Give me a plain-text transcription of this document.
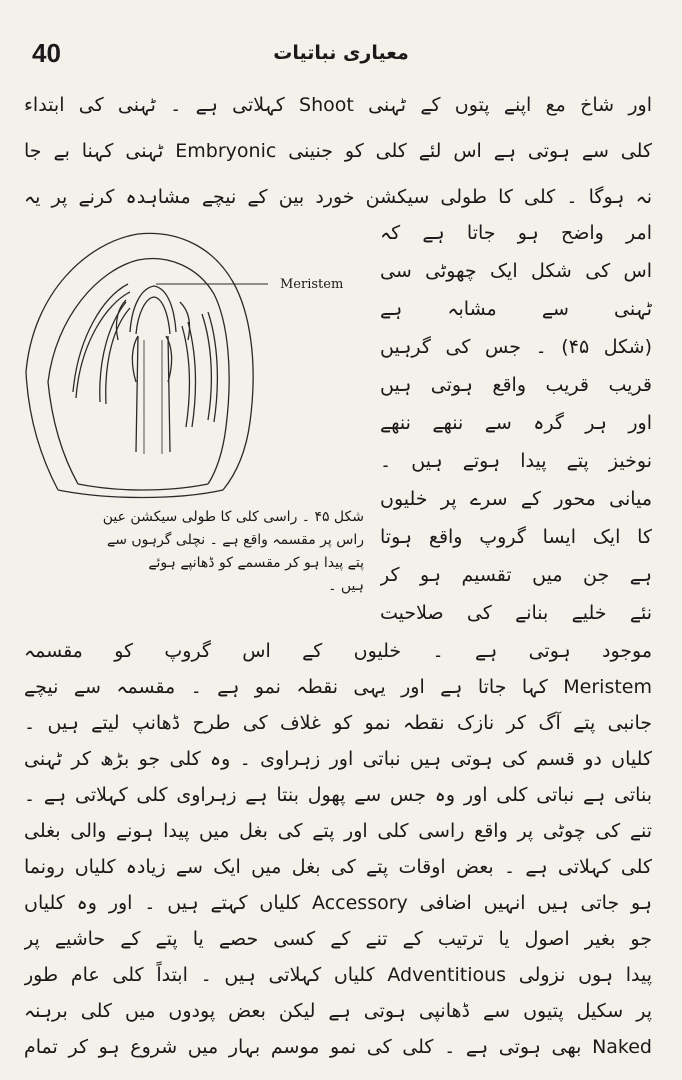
40	معیاری نباتیات
اور شاخ مع اپنے پتوں کے ٹہنی Shoot کہلاتی ہے ۔ ٹہنی کی ابتداء
کلی سے ہوتی ہے اس لئے کلی کو جنینی Embryonic ٹہنی کہنا بے جا
نہ ہوگا ۔ کلی کا طولی سیکشن خورد بین کے نیچے مشاہدہ کرنے پر یہ
امر واضح ہو جاتا ہے کہ
اس کی شکل ایک چھوٹی سی
ٹہنی سے مشابہ ہے
(شکل ۴۵) ۔ جس کی گرہیں
قریب قریب واقع ہوتی ہیں
اور ہر گرہ سے ننھے ننھے
نوخیز پتے پیدا ہوتے ہیں ۔
میانی محور کے سرے پر خلیوں
کا ایک ایسا گروپ واقع ہوتا
ہے جن میں تقسیم ہو کر
نئے خلیے بنانے کی صلاحیت
Meristem
شکل ۴۵ ۔ راسی کلی کا طولی سیکشن عین
راس پر مقسمہ واقع ہے ۔ نچلی گرہوں سے
پتے پیدا ہو کر مقسمے کو ڈھانپے ہوئے
ہیں ۔
موجود ہوتی ہے ۔ خلیوں کے اس گروپ کو مقسمہ
Meristem کہا جاتا ہے اور یہی نقطہ نمو ہے ۔ مقسمہ سے نیچے
جانبی پتے آگ کر نازک نقطہ نمو کو غلاف کی طرح ڈھانپ لیتے ہیں ۔
کلیاں دو قسم کی ہوتی ہیں نباتی اور زہراوی ۔ وہ کلی جو بڑھ کر ٹہنی
بناتی ہے نباتی کلی اور وہ جس سے پھول بنتا ہے زہراوی کلی کہلاتی ہے ۔
تنے کی چوٹی پر واقع راسی کلی اور پتے کی بغل میں پیدا ہونے والی بغلی
کلی کہلاتی ہے ۔ بعض اوقات پتے کی بغل میں ایک سے زیادہ کلیاں رونما
ہو جاتی ہیں انہیں اضافی Accessory کلیاں کہتے ہیں ۔ اور وہ کلیاں
جو بغیر اصول یا ترتیب کے تنے کے کسی حصے یا پتے کے حاشیے پر
پیدا ہوں نزولی Adventitious کلیاں کہلاتی ہیں ۔ ابتداً کلی عام طور
پر سکیل پتیوں سے ڈھانپی ہوتی ہے لیکن بعض پودوں میں کلی برہنہ
Naked بھی ہوتی ہے ۔ کلی کی نمو موسم بہار میں شروع ہو کر تمام
